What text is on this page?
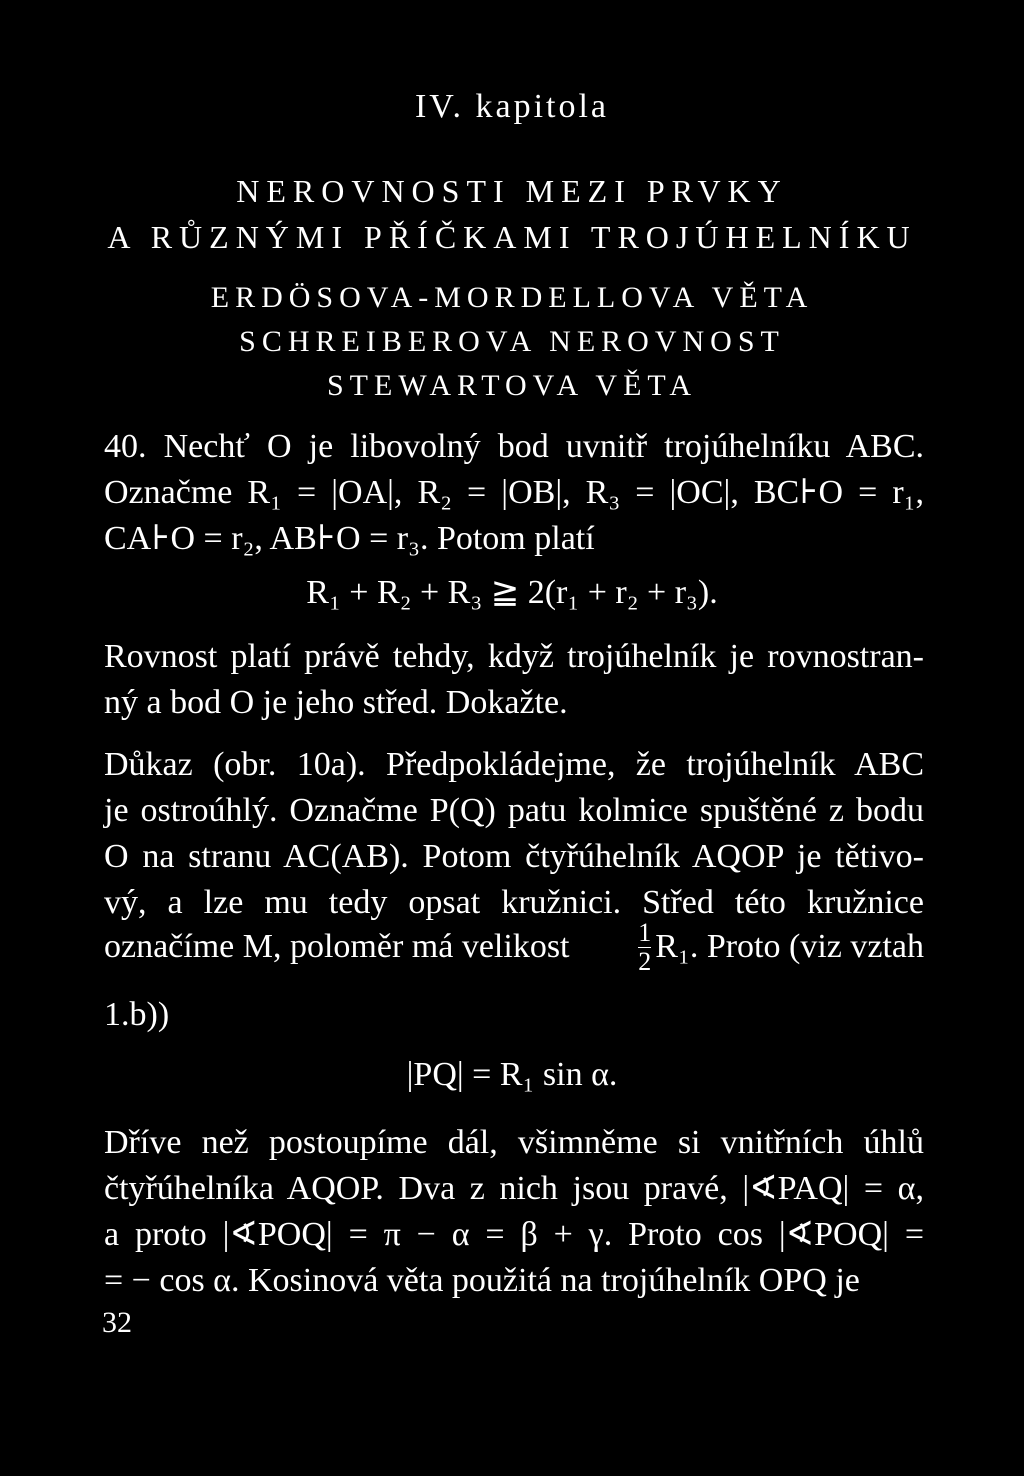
IV. kapitola
NEROVNOSTI MEZI PRVKY
A RŮZNÝMI PŘÍČKAMI TROJÚHELNÍKU
ERDÖSOVA-MORDELLOVA VĚTA
SCHREIBEROVA NEROVNOST
STEWARTOVA VĚTA
40. Nechť O je libovolný bod uvnitř trojúhelníku ABC.
Označme R₁ = |OA|, R₂ = |OB|, R₃ = |OC|, BC⊦O = r₁,
CA⊦O = r₂, AB⊦O = r₃. Potom platí
R₁ + R₂ + R₃ ≧ 2(r₁ + r₂ + r₃).
Rovnost platí právě tehdy, když trojúhelník je rovnostran-
ný a bod O je jeho střed. Dokažte.
Důkaz (obr. 10a). Předpokládejme, že trojúhelník ABC
je ostroúhlý. Označme P(Q) patu kolmice spuštěné z bodu
O na stranu AC(AB). Potom čtyřúhelník AQOP je tětivo-
vý, a lze mu tedy opsat kružnici. Střed této kružnice
označíme M, poloměr má velikost	$\frac{1}{2} R_1$. Proto (viz vztah
1.b))
|PQ| = R₁ sin α.
Dříve než postoupíme dál, všimněme si vnitřních úhlů
čtyřúhelníka AQOP. Dva z nich jsou pravé, |∢PAQ| = α,
a proto |∢POQ| = π − α = β + γ. Proto cos |∢POQ| =
= − cos α. Kosinová věta použitá na trojúhelník OPQ je
32
